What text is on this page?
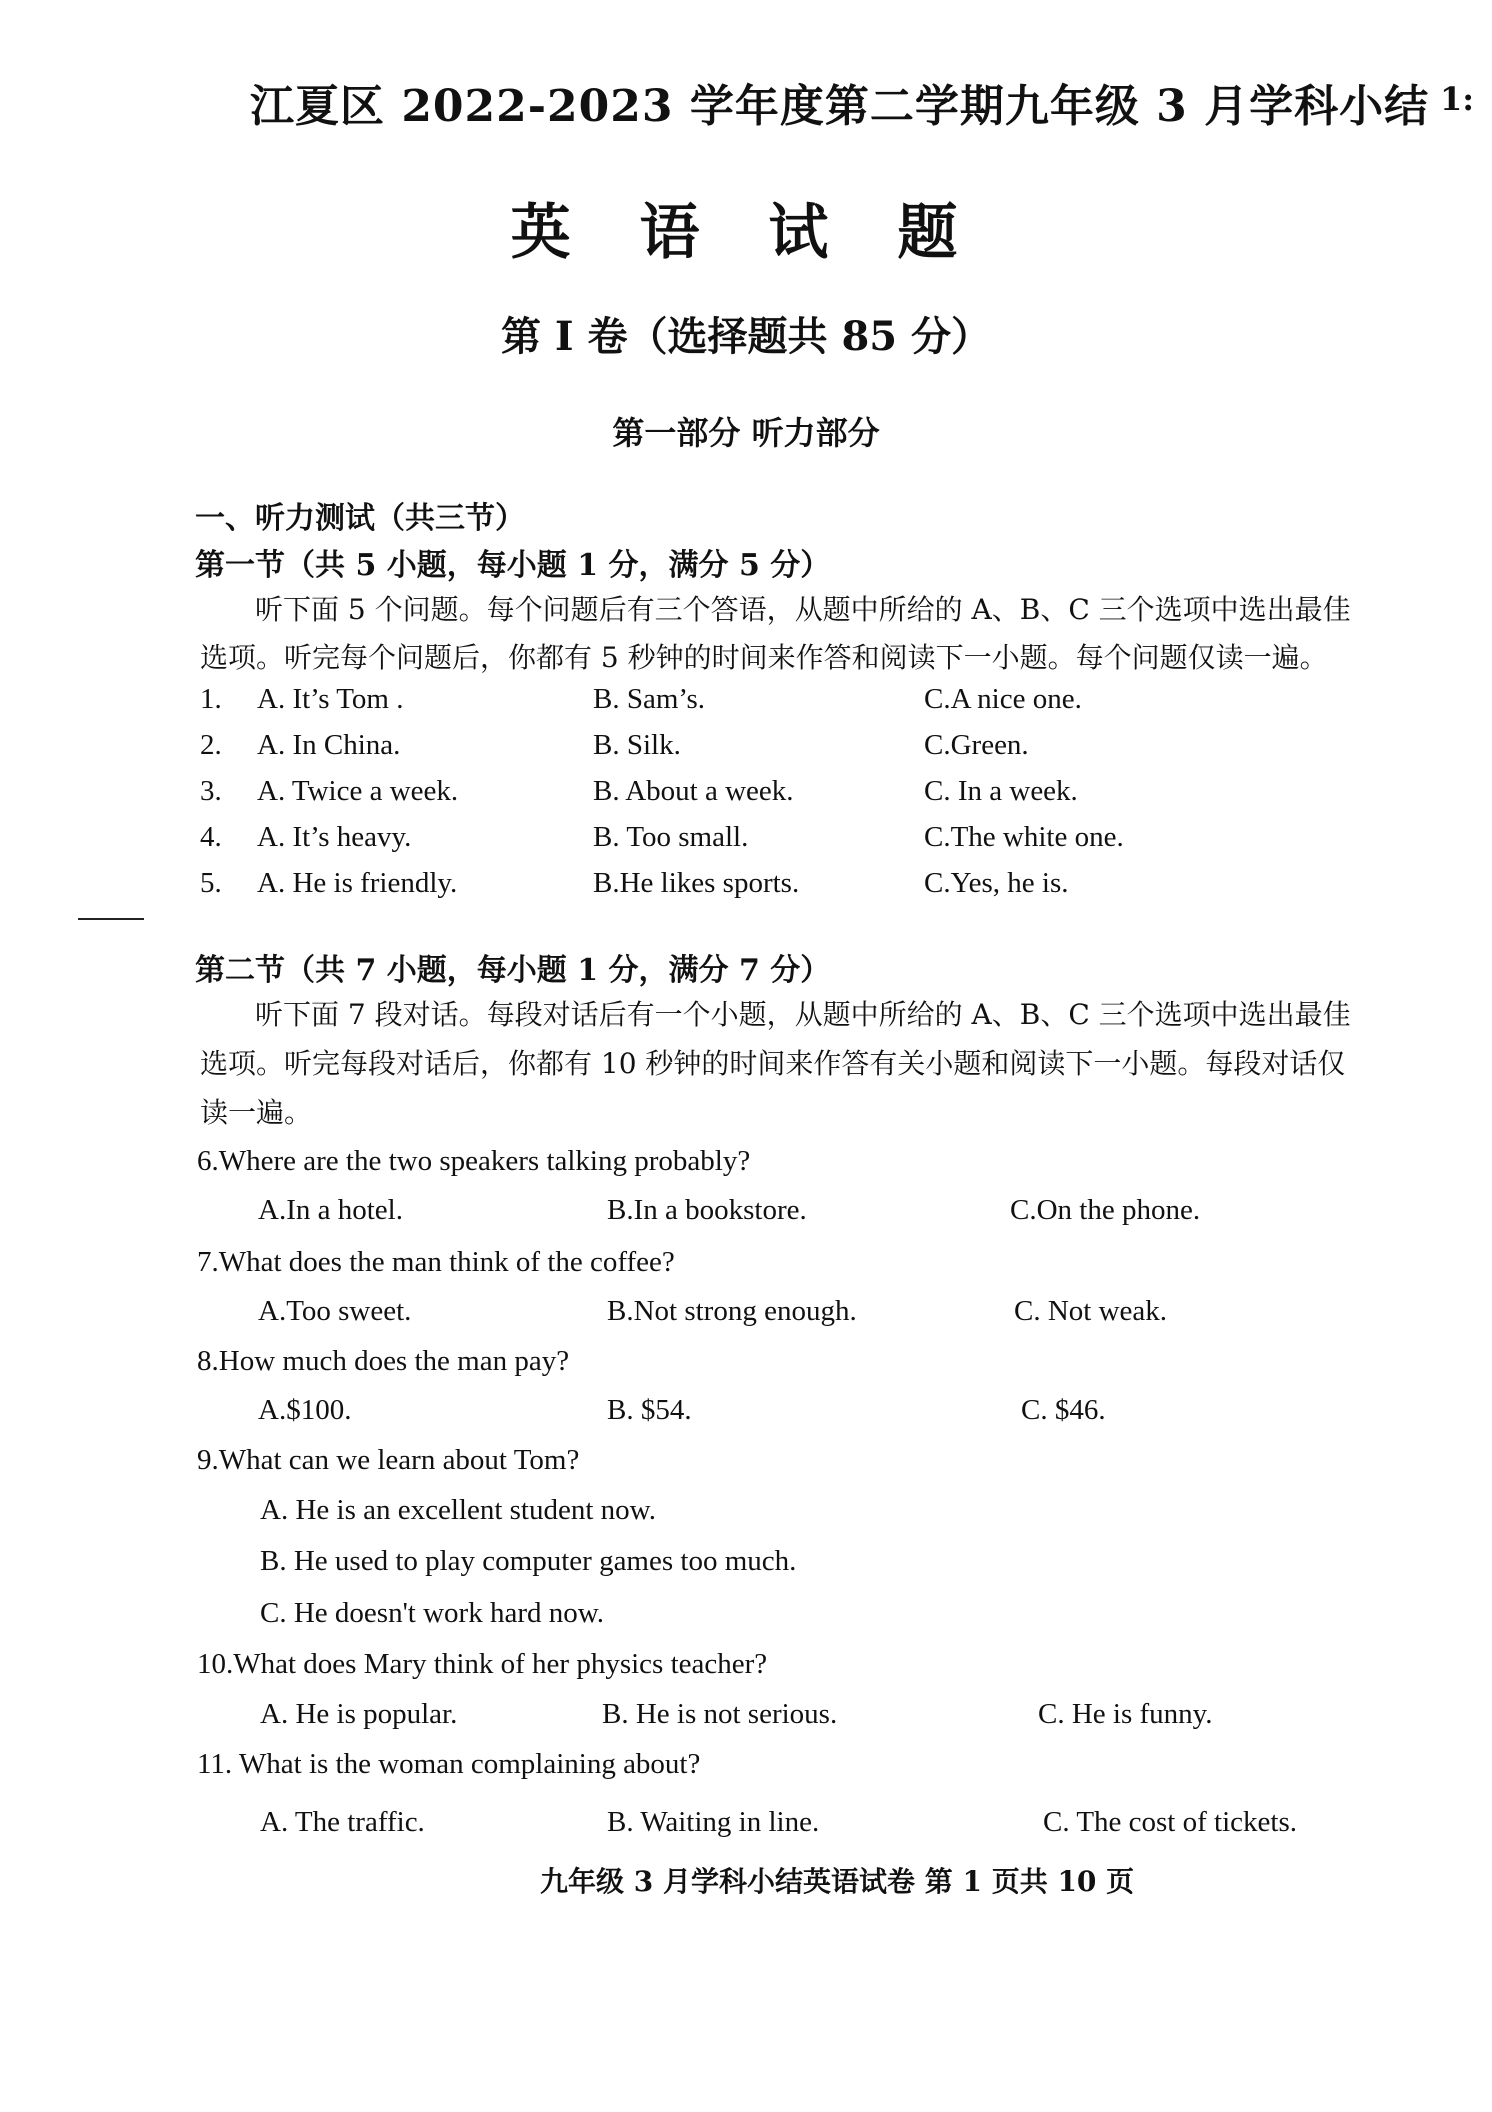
江夏区 2022-2023 学年度第二学期九年级 3 月学科小结 1:
英 语 试 题
第 I 卷（选择题共 85 分）
第一部分 听力部分
一、听力测试（共三节）
第一节（共 5 小题，每小题 1 分，满分 5 分）
听下面 5 个问题。每个问题后有三个答语，从题中所给的 A、B、C 三个选项中选出最佳
选项。听完每个问题后，你都有 5 秒钟的时间来作答和阅读下一小题。每个问题仅读一遍。
1. A. It’s Tom .	B. Sam’s.	C.A nice one.
2. A. In China.	B. Silk.	C.Green.
3. A. Twice a week.	B. About a week.	C. In a week.
4. A. It’s heavy.	B. Too small.	C.The white one.
5. A. He is friendly.	B.He likes sports.	C.Yes, he is.
第二节（共 7 小题，每小题 1 分，满分 7 分）
听下面 7 段对话。每段对话后有一个小题，从题中所给的 A、B、C 三个选项中选出最佳
选项。听完每段对话后，你都有 10 秒钟的时间来作答有关小题和阅读下一小题。每段对话仅
读一遍。
6.Where are the two speakers talking probably?
A.In a hotel.	B.In a bookstore.	C.On the phone.
7.What does the man think of the coffee?
A.Too sweet.	B.Not strong enough.	C. Not weak.
8.How much does the man pay?
A.$100.	B. $54.	C. $46.
9.What can we learn about Tom?
A. He is an excellent student now.
B. He used to play computer games too much.
C. He doesn't work hard now.
10.What does Mary think of her physics teacher?
A. He is popular.	B. He is not serious.	C. He is funny.
11. What is the woman complaining about?
A. The traffic.	B. Waiting in line.	C. The cost of tickets.
九年级 3 月学科小结英语试卷 第 1 页共 10 页
